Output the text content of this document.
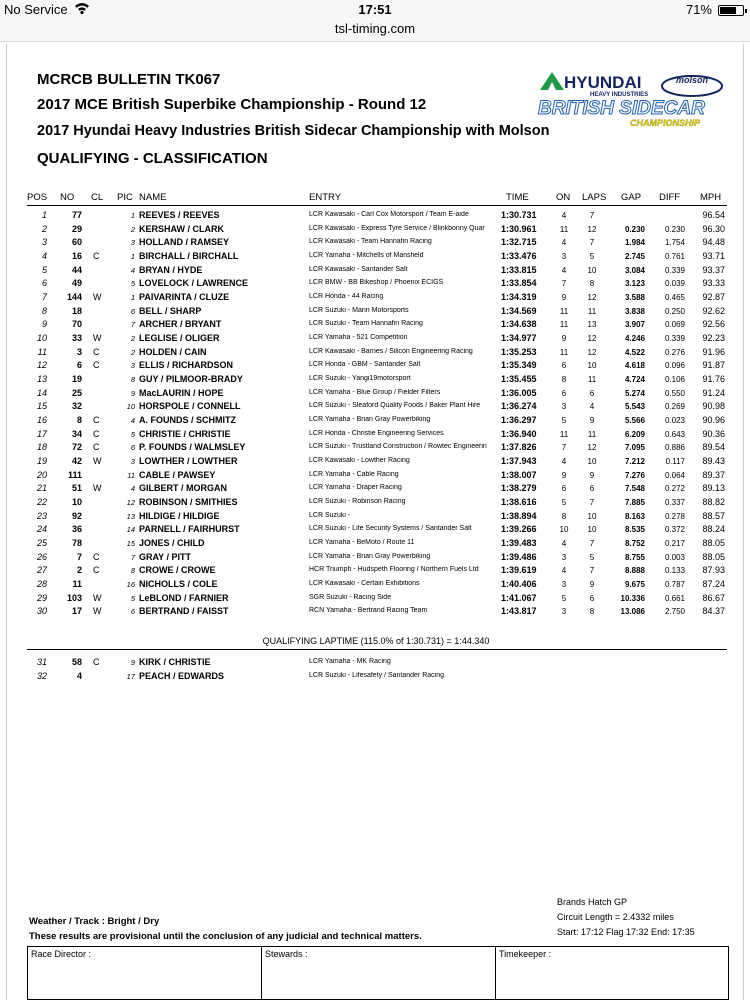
No Service	17:51	71%
tsl-timing.com
MCRCB BULLETIN TK067
2017 MCE British Superbike Championship - Round 12
2017 Hyundai Heavy Industries British Sidecar Championship with Molson
QUALIFYING - CLASSIFICATION
HYUNDAI
HEAVY INDUSTRIES
molson
BRITISH SIDECAR
CHAMPIONSHIP
POS NO CL PIC NAME	ENTRY	TIME	ON LAPS GAP DIFF MPH
1	77	1 REEVES / REEVES	LCR Kawasaki - Carl Cox Motorsport / Team E-aide	1:30.731	4	7	96.54
2	29	2 KERSHAW / CLARK	LCR Kawasaki - Express Tyre Service / Blinkbonny Quar	1:30.961	11	12	0.230	0.230	96.30
3	60	3 HOLLAND / RAMSEY	LCR Kawasaki - Team Hannafin Racing	1:32.715	4	7	1.984	1.754	94.48
4	16 C	1 BIRCHALL / BIRCHALL	LCR Yamaha - Mitchells of Mansfield	1:33.476	3	5	2.745	0.761	93.71
5	44	4 BRYAN / HYDE	LCR Kawasaki - Santander Salt	1:33.815	4	10	3.084	0.339	93.37
6	49	5 LOVELOCK / LAWRENCE	LCR BMW - BB Bikeshop / Phoenix ECIGS	1:33.854	7	8	3.123	0.039	93.33
7	144 W	1 PAIVARINTA / CLUZE	LCR Honda - 44 Racing	1:34.319	9	12	3.588	0.465	92.87
8	18	6 BELL / SHARP	LCR Suzuki - Marin Motorsports	1:34.569	11	11	3.838	0.250	92.62
9	70	7 ARCHER / BRYANT	LCR Suzuki - Team Hannafin Racing	1:34.638	11	13	3.907	0.069	92.56
10	33 W	2 LEGLISE / OLIGER	LCR Yamaha - 521 Competition	1:34.977	9	12	4.246	0.339	92.23
11	3 C	2 HOLDEN / CAIN	LCR Kawasaki - Barnes / Silicon Engineering Racing	1:35.253	11	12	4.522	0.276	91.96
12	6 C	3 ELLIS / RICHARDSON	LCR Honda - GBM - Santander Salt	1:35.349	6	10	4.618	0.096	91.87
13	19	8 GUY / PILMOOR-BRADY	LCR Suzuki - Yangi19motorsport	1:35.455	8	11	4.724	0.106	91.76
14	25	9 MacLAURIN / HOPE	LCR Yamaha - Blue Group / Fielder Filters	1:36.005	6	6	5.274	0.550	91.24
15	32	10 HORSPOLE / CONNELL	LCR Suzuki - Sleaford Quality Foods / Baker Plant Hire	1:36.274	3	4	5.543	0.269	90.98
16	8 C	4 A. FOUNDS / SCHMITZ	LCR Yamaha - Brian Gray Powerbiking	1:36.297	5	9	5.566	0.023	90.96
17	34 C	5 CHRISTIE / CHRISTIE	LCR Honda - Christie Engineering Services	1:36.940	11	11	6.209	0.643	90.36
18	72 C	6 P. FOUNDS / WALMSLEY	LCR Suzuki - Trustland Construction / Rowtec Engineerin	1:37.826	7	12	7.095	0.886	89.54
19	42 W	3 LOWTHER / LOWTHER	LCR Kawasaki - Lowther Racing	1:37.943	4	10	7.212	0.117	89.43
20	111	11 CABLE / PAWSEY	LCR Yamaha - Cable Racing	1:38.007	9	9	7.276	0.064	89.37
21	51 W	4 GILBERT / MORGAN	LCR Yamaha - Draper Racing	1:38.279	6	6	7.548	0.272	89.13
22	10	12 ROBINSON / SMITHIES	LCR Suzuki - Robinson Racing	1:38.616	5	7	7.885	0.337	88.82
23	92	13 HILDIGE / HILDIGE	LCR Suzuki -	1:38.894	8	10	8.163	0.278	88.57
24	36	14 PARNELL / FAIRHURST	LCR Suzuki - Life Security Systems / Santander Salt	1:39.266	10	10	8.535	0.372	88.24
25	78	15 JONES / CHILD	LCR Yamaha - BeMoto / Route 11	1:39.483	4	7	8.752	0.217	88.05
26	7 C	7 GRAY / PITT	LCR Yamaha - Brian Gray Powerbiking	1:39.486	3	5	8.755	0.003	88.05
27	2 C	8 CROWE / CROWE	HCR Triumph - Hudspeth Flooring / Northern Fuels Ltd	1:39.619	4	7	8.888	0.133	87.93
28	11	16 NICHOLLS / COLE	LCR Kawasaki - Certain Exhibitions	1:40.406	3	9	9.675	0.787	87.24
29	103 W	5 LeBLOND / FARNIER	SGR Suzuki - Racing Side	1:41.067	5	6	10.336	0.661	86.67
30	17 W	6 BERTRAND / FAISST	RCN Yamaha - Bertrand Racing Team	1:43.817	3	8	13.086	2.750	84.37
QUALIFYING LAPTIME (115.0% of 1:30.731) = 1:44.340
31	58 C	9 KIRK / CHRISTIE	LCR Yamaha - MK Racing
32	4	17 PEACH / EDWARDS	LCR Suzuki - Lifesafety / Santander Racing
Brands Hatch GP
Circuit Length = 2.4332 miles
Start: 17:12 Flag 17:32 End: 17:35
Weather / Track : Bright / Dry
These results are provisional until the conclusion of any judicial and technical matters.
Race Director :	Stewards :	Timekeeper :
